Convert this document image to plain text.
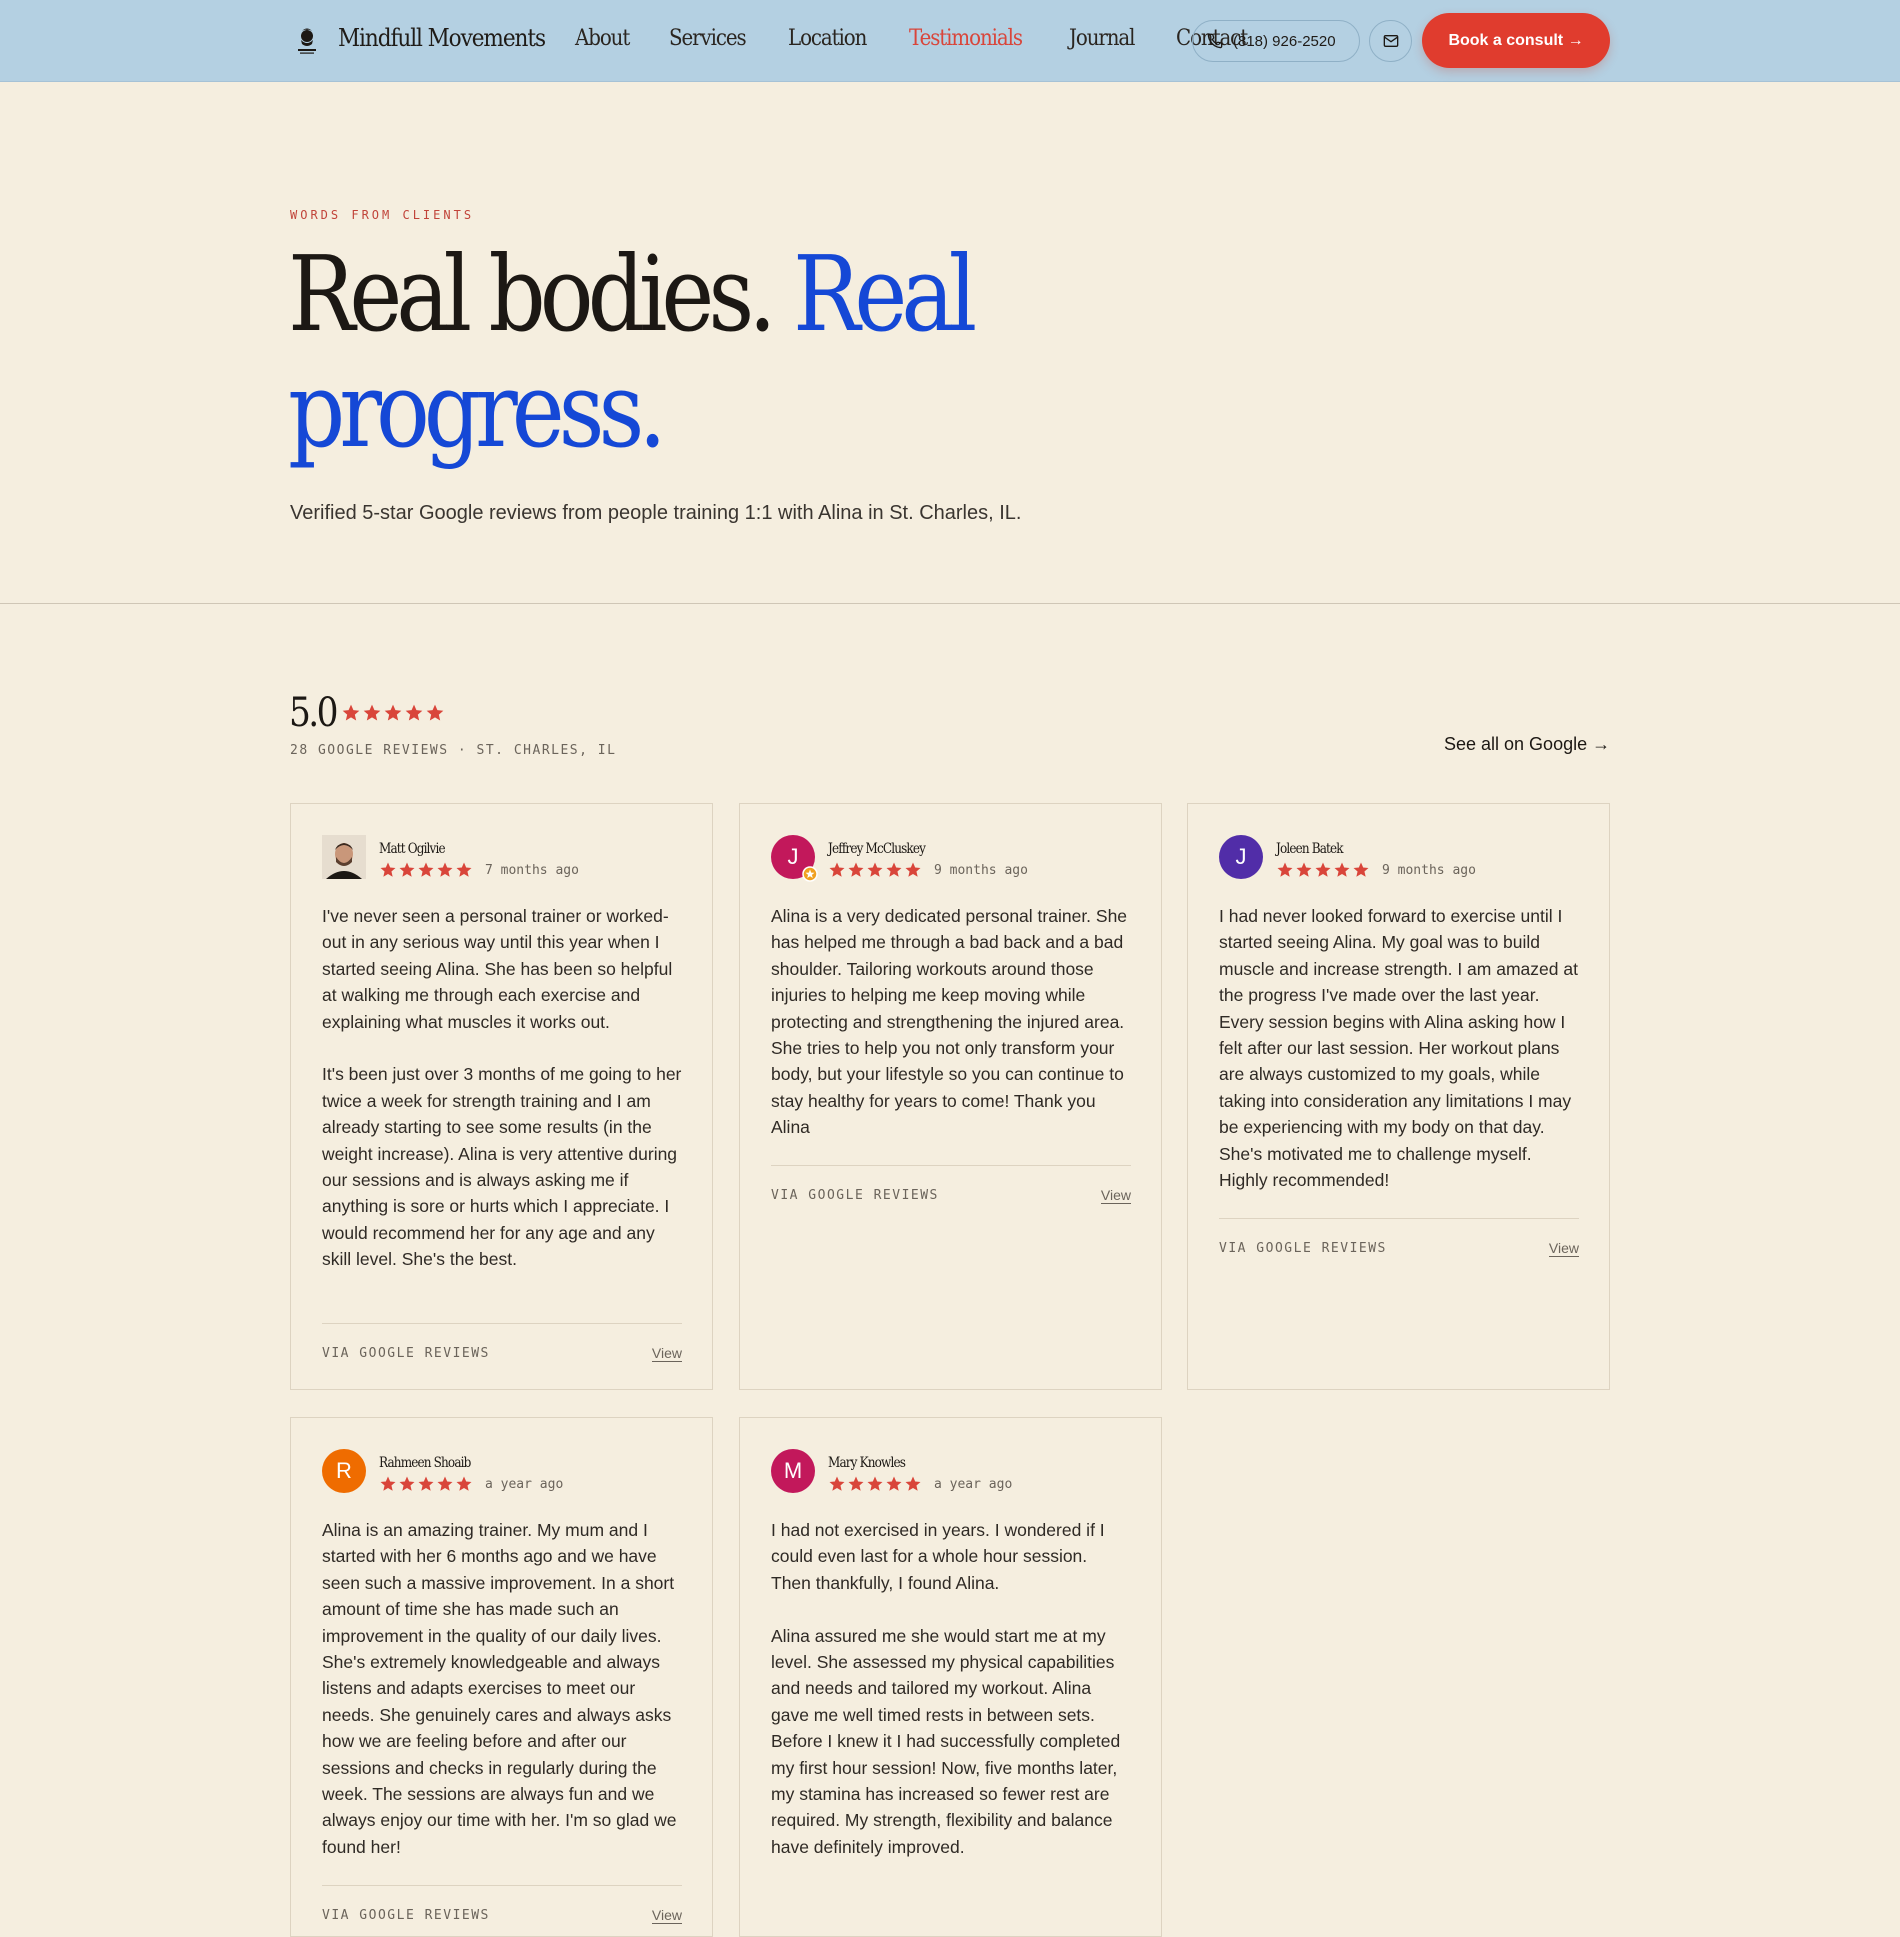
Mindfull Movements About Services Location Testimonials Journal Contact
(818) 926-2520	Book a consult →
WORDS FROM CLIENTS
Real bodies. Real progress.
Verified 5-star Google reviews from people training 1:1 with Alina in St. Charles, IL.
5.0
28 GOOGLE REVIEWS · ST. CHARLES, IL	See all on Google →
Matt Ogilvie
7 months ago
I've never seen a personal trainer or worked-out in any serious way until this year when I started seeing Alina. She has been so helpful at walking me through each exercise and explaining what muscles it works out.

It's been just over 3 months of me going to her twice a week for strength training and I am already starting to see some results (in the weight increase). Alina is very attentive during our sessions and is always asking me if anything is sore or hurts which I appreciate. I would recommend her for any age and any skill level. She's the best.
VIA GOOGLE REVIEWS	View
J	Jeffrey McCluskey
9 months ago
Alina is a very dedicated personal trainer. She has helped me through a bad back and a bad shoulder. Tailoring workouts around those injuries to helping me keep moving while protecting and strengthening the injured area. She tries to help you not only transform your body, but your lifestyle so you can continue to stay healthy for years to come! Thank you Alina
VIA GOOGLE REVIEWS	View
J	Joleen Batek
9 months ago
I had never looked forward to exercise until I started seeing Alina. My goal was to build muscle and increase strength. I am amazed at the progress I've made over the last year. Every session begins with Alina asking how I felt after our last session. Her workout plans are always customized to my goals, while taking into consideration any limitations I may be experiencing with my body on that day. She's motivated me to challenge myself. Highly recommended!
VIA GOOGLE REVIEWS	View
R	Rahmeen Shoaib
a year ago
Alina is an amazing trainer. My mum and I started with her 6 months ago and we have seen such a massive improvement. In a short amount of time she has made such an improvement in the quality of our daily lives. She's extremely knowledgeable and always listens and adapts exercises to meet our needs. She genuinely cares and always asks how we are feeling before and after our sessions and checks in regularly during the week. The sessions are always fun and we always enjoy our time with her. I'm so glad we found her!
VIA GOOGLE REVIEWS	View
M	Mary Knowles
a year ago
I had not exercised in years. I wondered if I could even last for a whole hour session. Then thankfully, I found Alina.

Alina assured me she would start me at my level. She assessed my physical capabilities and needs and tailored my workout. Alina gave me well timed rests in between sets. Before I knew it I had successfully completed my first hour session! Now, five months later, my stamina has increased so fewer rest are required. My strength, flexibility and balance have definitely improved.
